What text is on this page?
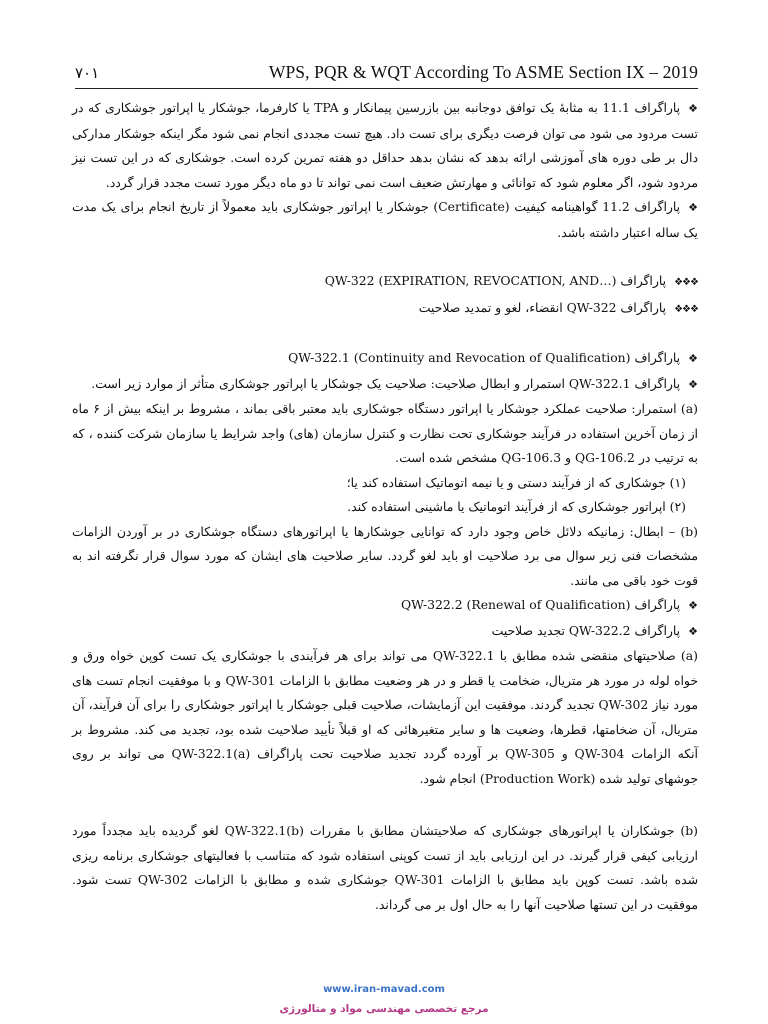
۷۰۱	WPS, PQR & WQT According To ASME Section IX – 2019

❖پاراگراف 11.1 به مثابهٔ یک توافق دوجانبه بین بازرسین پیمانکار و TPA یا کارفرما، جوشکار یا اپراتور جوشکاری که در تست مردود می شود می توان فرصت دیگری برای تست داد. هیچ تست مجددی انجام نمی شود مگر اینکه جوشکار مدارکی دال بر طی دوره های آموزشی ارائه بدهد که نشان بدهد حداقل دو هفته تمرین کرده است. جوشکاری که در این تست نیز مردود شود، اگر معلوم شود که توانائی و مهارتش ضعیف است نمی تواند تا دو ماه دیگر مورد تست مجدد قرار گردد.

❖پاراگراف 11.2 گواهینامه کیفیت (Certificate) جوشکار یا اپراتور جوشکاری باید معمولاً از تاریخ انجام برای یک مدت یک ساله اعتبار داشته باشد.

❖❖❖پاراگراف QW-322 (EXPIRATION, REVOCATION, AND…)

❖❖❖پاراگراف QW-322 انقضاء، لغو و تمدید صلاحیت

❖پاراگراف QW-322.1 (Continuity and Revocation of Qualification)

❖پاراگراف QW-322.1 استمرار و ابطال صلاحیت: صلاحیت یک جوشکار یا اپراتور جوشکاری متأثر از موارد زیر است.

(a) استمرار: صلاحیت عملکرد جوشکار یا اپراتور دستگاه جوشکاری باید معتبر باقی بماند ، مشروط بر اینکه بیش از ۶ ماه از زمان آخرین استفاده در فرآیند جوشکاری تحت نظارت و کنترل سازمان (های) واجد شرایط یا سازمان شرکت کننده ، که به ترتیب در QG-106.2 و QG-106.3 مشخص شده است.

(۱) جوشکاری که از فرآیند دستی و یا نیمه اتوماتیک استفاده کند یا؛

(۲) اپراتور جوشکاری که از فرآیند اتوماتیک یا ماشینی استفاده کند.

(b) – ابطال: زمانیکه دلائل خاص وجود دارد که توانایی جوشکارها یا اپراتورهای دستگاه جوشکاری در بر آوردن الزامات مشخصات فنی زیر سوال می برد صلاحیت او باید لغو گردد. سایر صلاحیت های ایشان که مورد سوال قرار نگرفته اند به قوت خود باقی می مانند.

❖پاراگراف QW-322.2 (Renewal of Qualification)

❖پاراگراف QW-322.2 تجدید صلاحیت

(a) صلاحیتهای منقضی شده مطابق با QW-322.1 می تواند برای هر فرآیندی با جوشکاری یک تست کوپن خواه ورق و خواه لوله در مورد هر متریال، ضخامت یا قطر و در هر وضعیت مطابق با الزامات QW-301 و با موفقیت انجام تست های مورد نیاز QW-302 تجدید گردند. موفقیت این آزمایشات، صلاحیت قبلی جوشکار یا اپراتور جوشکاری را برای آن فرآیند، آن متریال، آن ضخامتها، قطرها، وضعیت ها و سایر متغیرهائی که او قبلاً تأیید صلاحیت شده بود، تجدید می کند. مشروط بر آنکه الزامات QW-304 و QW-305 بر آورده گردد تجدید صلاحیت تحت پاراگراف QW-322.1(a) می تواند بر روی جوشهای تولید شده (Production Work) انجام شود.

(b) جوشکاران یا اپراتورهای جوشکاری که صلاحیتشان مطابق با مقررات QW-322.1(b) لغو گردیده باید مجدداً مورد ارزیابی کیفی قرار گیرند. در این ارزیابی باید از تست کوپنی استفاده شود که متناسب با فعالیتهای جوشکاری برنامه ریزی شده باشد. تست کوپن باید مطابق با الزامات QW-301 جوشکاری شده و مطابق با الزامات QW-302 تست شود. موفقیت در این تستها صلاحیت آنها را به حال اول بر می گرداند.

www.iran-mavad.com
مرجع تخصصی مهندسی مواد و متالورژی
